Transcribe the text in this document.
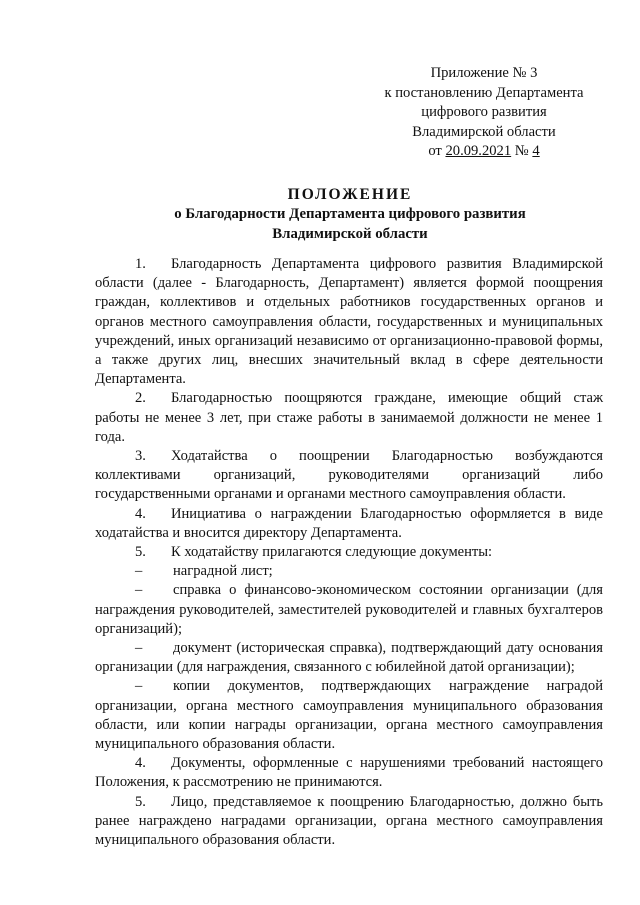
Приложение № 3
к постановлению Департамента
цифрового развития
Владимирской области
от 20.09.2021 № 4
ПОЛОЖЕНИЕ
о Благодарности Департамента цифрового развития
Владимирской области

1. Благодарность Департамента цифрового развития Владимирской области (далее - Благодарность, Департамент) является формой поощрения граждан, коллективов и отдельных работников государственных органов и органов местного самоуправления области, государственных и муниципальных учреждений, иных организаций независимо от организационно-правовой формы, а также других лиц, внесших значительный вклад в сфере деятельности Департамента.

2. Благодарностью поощряются граждане, имеющие общий стаж работы не менее 3 лет, при стаже работы в занимаемой должности не менее 1 года.

3. Ходатайства о поощрении Благодарностью возбуждаются коллективами организаций, руководителями организаций либо государственными органами и органами местного самоуправления области.

4. Инициатива о награждении Благодарностью оформляется в виде ходатайства и вносится директору Департамента.

5. К ходатайству прилагаются следующие документы:

– наградной лист;

– справка о финансово-экономическом состоянии организации (для награждения руководителей, заместителей руководителей и главных бухгалтеров организаций);

– документ (историческая справка), подтверждающий дату основания организации (для награждения, связанного с юбилейной датой организации);

– копии документов, подтверждающих награждение наградой организации, органа местного самоуправления муниципального образования области, или копии награды организации, органа местного самоуправления муниципального образования области.

4. Документы, оформленные с нарушениями требований настоящего Положения, к рассмотрению не принимаются.

5. Лицо, представляемое к поощрению Благодарностью, должно быть ранее награждено наградами организации, органа местного самоуправления муниципального образования области.
